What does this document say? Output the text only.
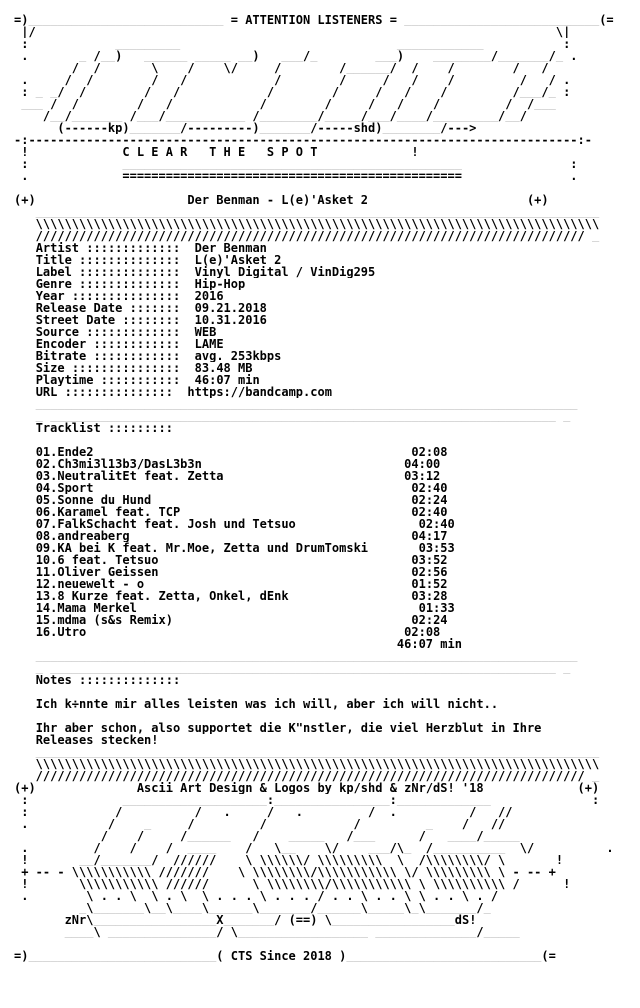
=)___________________________ = ATTENTION LISTENERS = ___________________________(=
|/                                                                        \|
:            _________                              ____________           :
.       _ /__)   ______ _____ __)   ___/_        ___)    ________/_______/_ .
/  /       \    /    \/     /        /______/  /    /        /   /
.     /  /        /   /            /        /     /   /    /         /   / .
: _ _/  /        /   /            /        /     /   /    /         /___/_ :
___ /  /        /   /            /        /     /   /    /         /  /___
/__/_______ /___/___________ /________/_____/___/____/_________/__/
(------kp)_______/---------)_______/-----shd)________/--->
-:----------------------------------------------------------------------------:-
!             C L E A R   T H E   S P O T             !
:             _______________________________________________               :
.             ===============================================               .

(+)                     Der Benman - L(e)'Asket 2                      (+)
______________________________________________________________________________
\\\\\\\\\\\\\\\\\\\\\\\\\\\\\\\\\\\\\\\\\\\\\\\\\\\\\\\\\\\\\\\\\\\\\\\\\\\\\\
//////////////////////////////////////////////////////////////////////////// _
Artist :::::::::::::  Der Benman
Title ::::::::::::::  L(e)'Asket 2
Label ::::::::::::::  Vinyl Digital / VinDig295
Genre ::::::::::::::  Hip-Hop
Year :::::::::::::::  2016
Release Date :::::::  09.21.2018
Street Date ::::::::  10.31.2016
Source :::::::::::::  WEB
Encoder ::::::::::::  LAME
Bitrate ::::::::::::  avg. 253kbps
Size :::::::::::::::  83.48 MB
Playtime :::::::::::  46:07 min
URL :::::::::::::::  https://bandcamp.com
___________________________________________________________________________
_ ______________________________________________________________________ _
Tracklist :::::::::

01.Ende2	02:08
02.Ch3mi3l13b3/DasL3b3n	04:00
03.NeutralitÉt feat. Zetta	03:12
04.Sport	02:40
05.Sonne du Hund	02:24
06.Karamel feat. TCP	02:40
07.FalkSchacht feat. Josh und Tetsuo	02:40
08.andreaberg	04:17
09.KA bei K feat. Mr.Moe, Zetta und DrumTomski	03:53
10.6 feat. Tetsuo	03:52
11.Oliver Geissen	02:56
12.neuewelt - o	01:52
13.8 Kurze feat. Zetta, Onkel, dEnk	03:28
14.Mama Merkel	01:33
15.mdma (s&s Remix)	02:24
16.Utro	02:08
46:07 min
___________________________________________________________________________
_ ______________________________________________________________________ _
Notes ::::::::::::::

Ich k÷nnte mir alles leisten was ich will, aber ich will nicht..

Ihr aber schon, also supportet die K"nstler, die viel Herzblut in Ihre
Releases stecken!
______________________________________________________________________________
\\\\\\\\\\\\\\\\\\\\\\\\\\\\\\\\\\\\\\\\\\\\\\\\\\\\\\\\\\\\\\\\\\\\\\\\\\\\\\
//////////////////////////////////////////////////////////////////////////// _
(+)              Ascii Art Design & Logos by kp/shd & zNr/dS! '18             (+)
:             ____________________:________________:_____________              :
:            /          /   .     /   .         /  .          /   //
.           /    _     /         /            /         _    /   //
/    /     /______   /    _____   /___      /   ____/_____
.         /    /    /  ____    /   \__    \/    ___/\_  /__________  \/          .
!       __/_______/  //////    \ \\\\\\/ \\\\\\\\\  \  /\\\\\\\\/ \       !
+ -- - \\\\\\\\\\\ ///////    \ \\\\\\\\/\\\\\\\\\\\ \/ \\\\\\\\\ \ - -- +
!       \\\\\\\\\\\ //////      \ \\\\\\\\/\\\\\\\\\\\ \ \\\\\\\\\\ /      !
.        \ . . \  \ . \  \ . . . \ . . . / . . \ . . \ \ . . \ . /
_\_______\__\____\______\_______/______\_____\_\_______/_
zNr\_________________X_______/ (==) \_________________dS!
____\ _______________/ \__________________ ______________/_____

=)__________________________( CTS Since 2018 )___________________________(=
